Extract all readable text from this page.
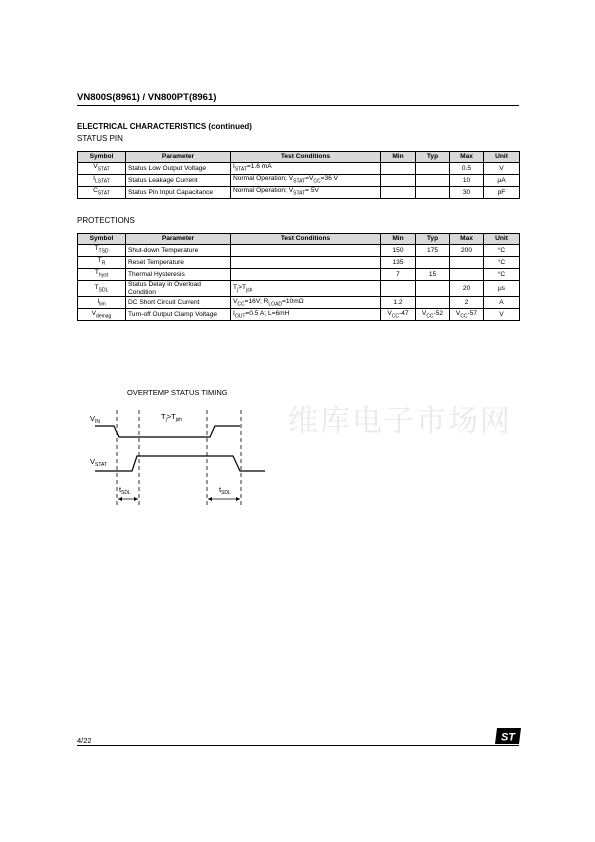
VN800S(8961) / VN800PT(8961)
ELECTRICAL CHARACTERISTICS (continued)
STATUS PIN
Symbol	Parameter	Test Conditions	Min	Typ	Max	Unit
$V_{STAT}$	Status Low Output Voltage	$I_{STAT}=1.6$ mA			0.5	V
$I_{LSTAT}$	Status Leakage Current	Normal Operation; $V_{STAT}=V_{CC}=36$ V			10	µA
$C_{STAT}$	Status Pin Input Capacitance	Normal Operation; $V_{STAT}= 5V$			30	pF
PROTECTIONS
Symbol	Parameter	Test Conditions	Min	Typ	Max	Unit
$T_{TSD}$	Shut-down Temperature		150	175	200	°C
$T_R$	Reset Temperature		135			°C
$T_{hyst}$	Thermal Hysteresis		7	15		°C
$T_{SDL}$	Status Delay in Overload Condition	$T_j>T_{jsh}$			20	µs
$I_{lim}$	DC Short Circuit Current	$V_{CC}=16V$; $R_{LOAD}=10m\Omega$	1.2		2	A
$V_{demag}$	Turn-off Output Clamp Voltage	$I_{OUT}=0.5$ A; L=6mH	$V_{CC}-47$	$V_{CC}-52$	$V_{CC}-57$	V
维库电子市场网
OVERTEMP STATUS TIMING
$V_{IN}$
$T_j>T_{jsh}$
$V_{STAT}$
$t_{SDL}$	$t_{SDL}$
4/22	ST
